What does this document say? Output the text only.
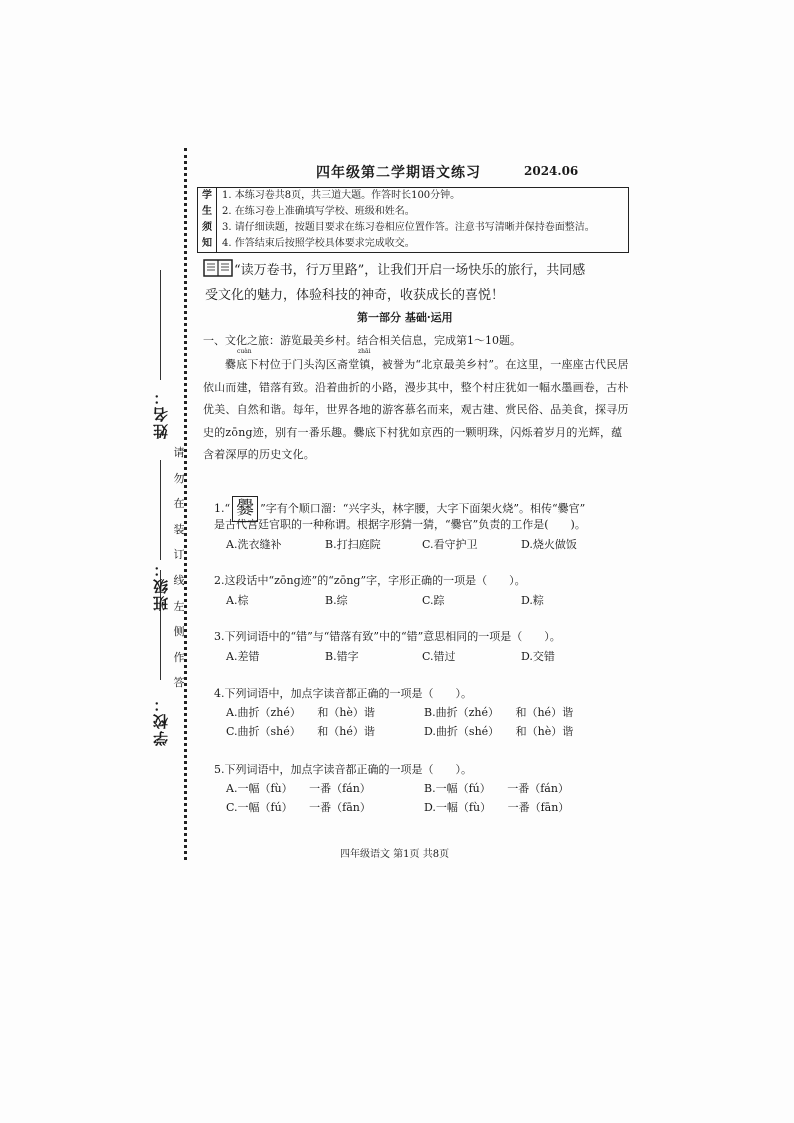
姓名：
班级：
学校：
请
勿
在
装
订
线
左
侧
作
答
四年级第二学期语文练习	2024.06
学
生
须
知
1. 本练习卷共8页，共三道大题。作答时长100分钟。
2. 在练习卷上准确填写学校、班级和姓名。
3. 请仔细读题，按题目要求在练习卷相应位置作答。注意书写清晰并保持卷面整洁。
4. 作答结束后按照学校具体要求完成收交。
“读万卷书，行万里路”，让我们开启一场快乐的旅行，共同感
受文化的魅力，体验科技的神奇，收获成长的喜悦！
第一部分 基础·运用
一、文化之旅：游览最美乡村。结合相关信息，完成第1～10题。
cuàn	zhāi

爨底下村位于门头沟区斋堂镇，被誉为“北京最美乡村”。在这里，一座座古代民居依山而建，错落有致。沿着曲折的小路，漫步其中，整个村庄犹如一幅水墨画卷，古朴优美、自然和谐。每年，世界各地的游客慕名而来，观古建、赏民俗、品美食，探寻历史的zōng迹，别有一番乐趣。爨底下村犹如京西的一颗明珠，闪烁着岁月的光辉，蕴含着深厚的历史文化。

1.“ 爨 ”字有个顺口溜：“兴字头，林字腰，大字下面架火烧”。相传“爨官”
是古代宫廷官职的一种称谓。根据字形猜一猜，“爨官”负责的工作是(　　)。
A.洗衣缝补	B.打扫庭院	C.看守护卫	D.烧火做饭
2.这段话中“zōng迹”的“zōng”字，字形正确的一项是（　　）。
A.棕	B.综	C.踪	D.粽
3.下列词语中的“错”与“错落有致”中的“错”意思相同的一项是（　　）。
A.差错	B.错字	C.错过	D.交错
4.下列词语中，加点字读音都正确的一项是（　　）。
A.曲折（zhé）　　和（hè）谐	B.曲折（zhé）　　和（hé）谐
C.曲折（shé）　　和（hé）谐	D.曲折（shé）　　和（hè）谐
5.下列词语中，加点字读音都正确的一项是（　　）。
A.一幅（fù）　　一番（fán）	B.一幅（fú）　　一番（fán）
C.一幅（fú）　　一番（fān）	D.一幅（fù）　　一番（fān）
四年级语文 第1页 共8页
